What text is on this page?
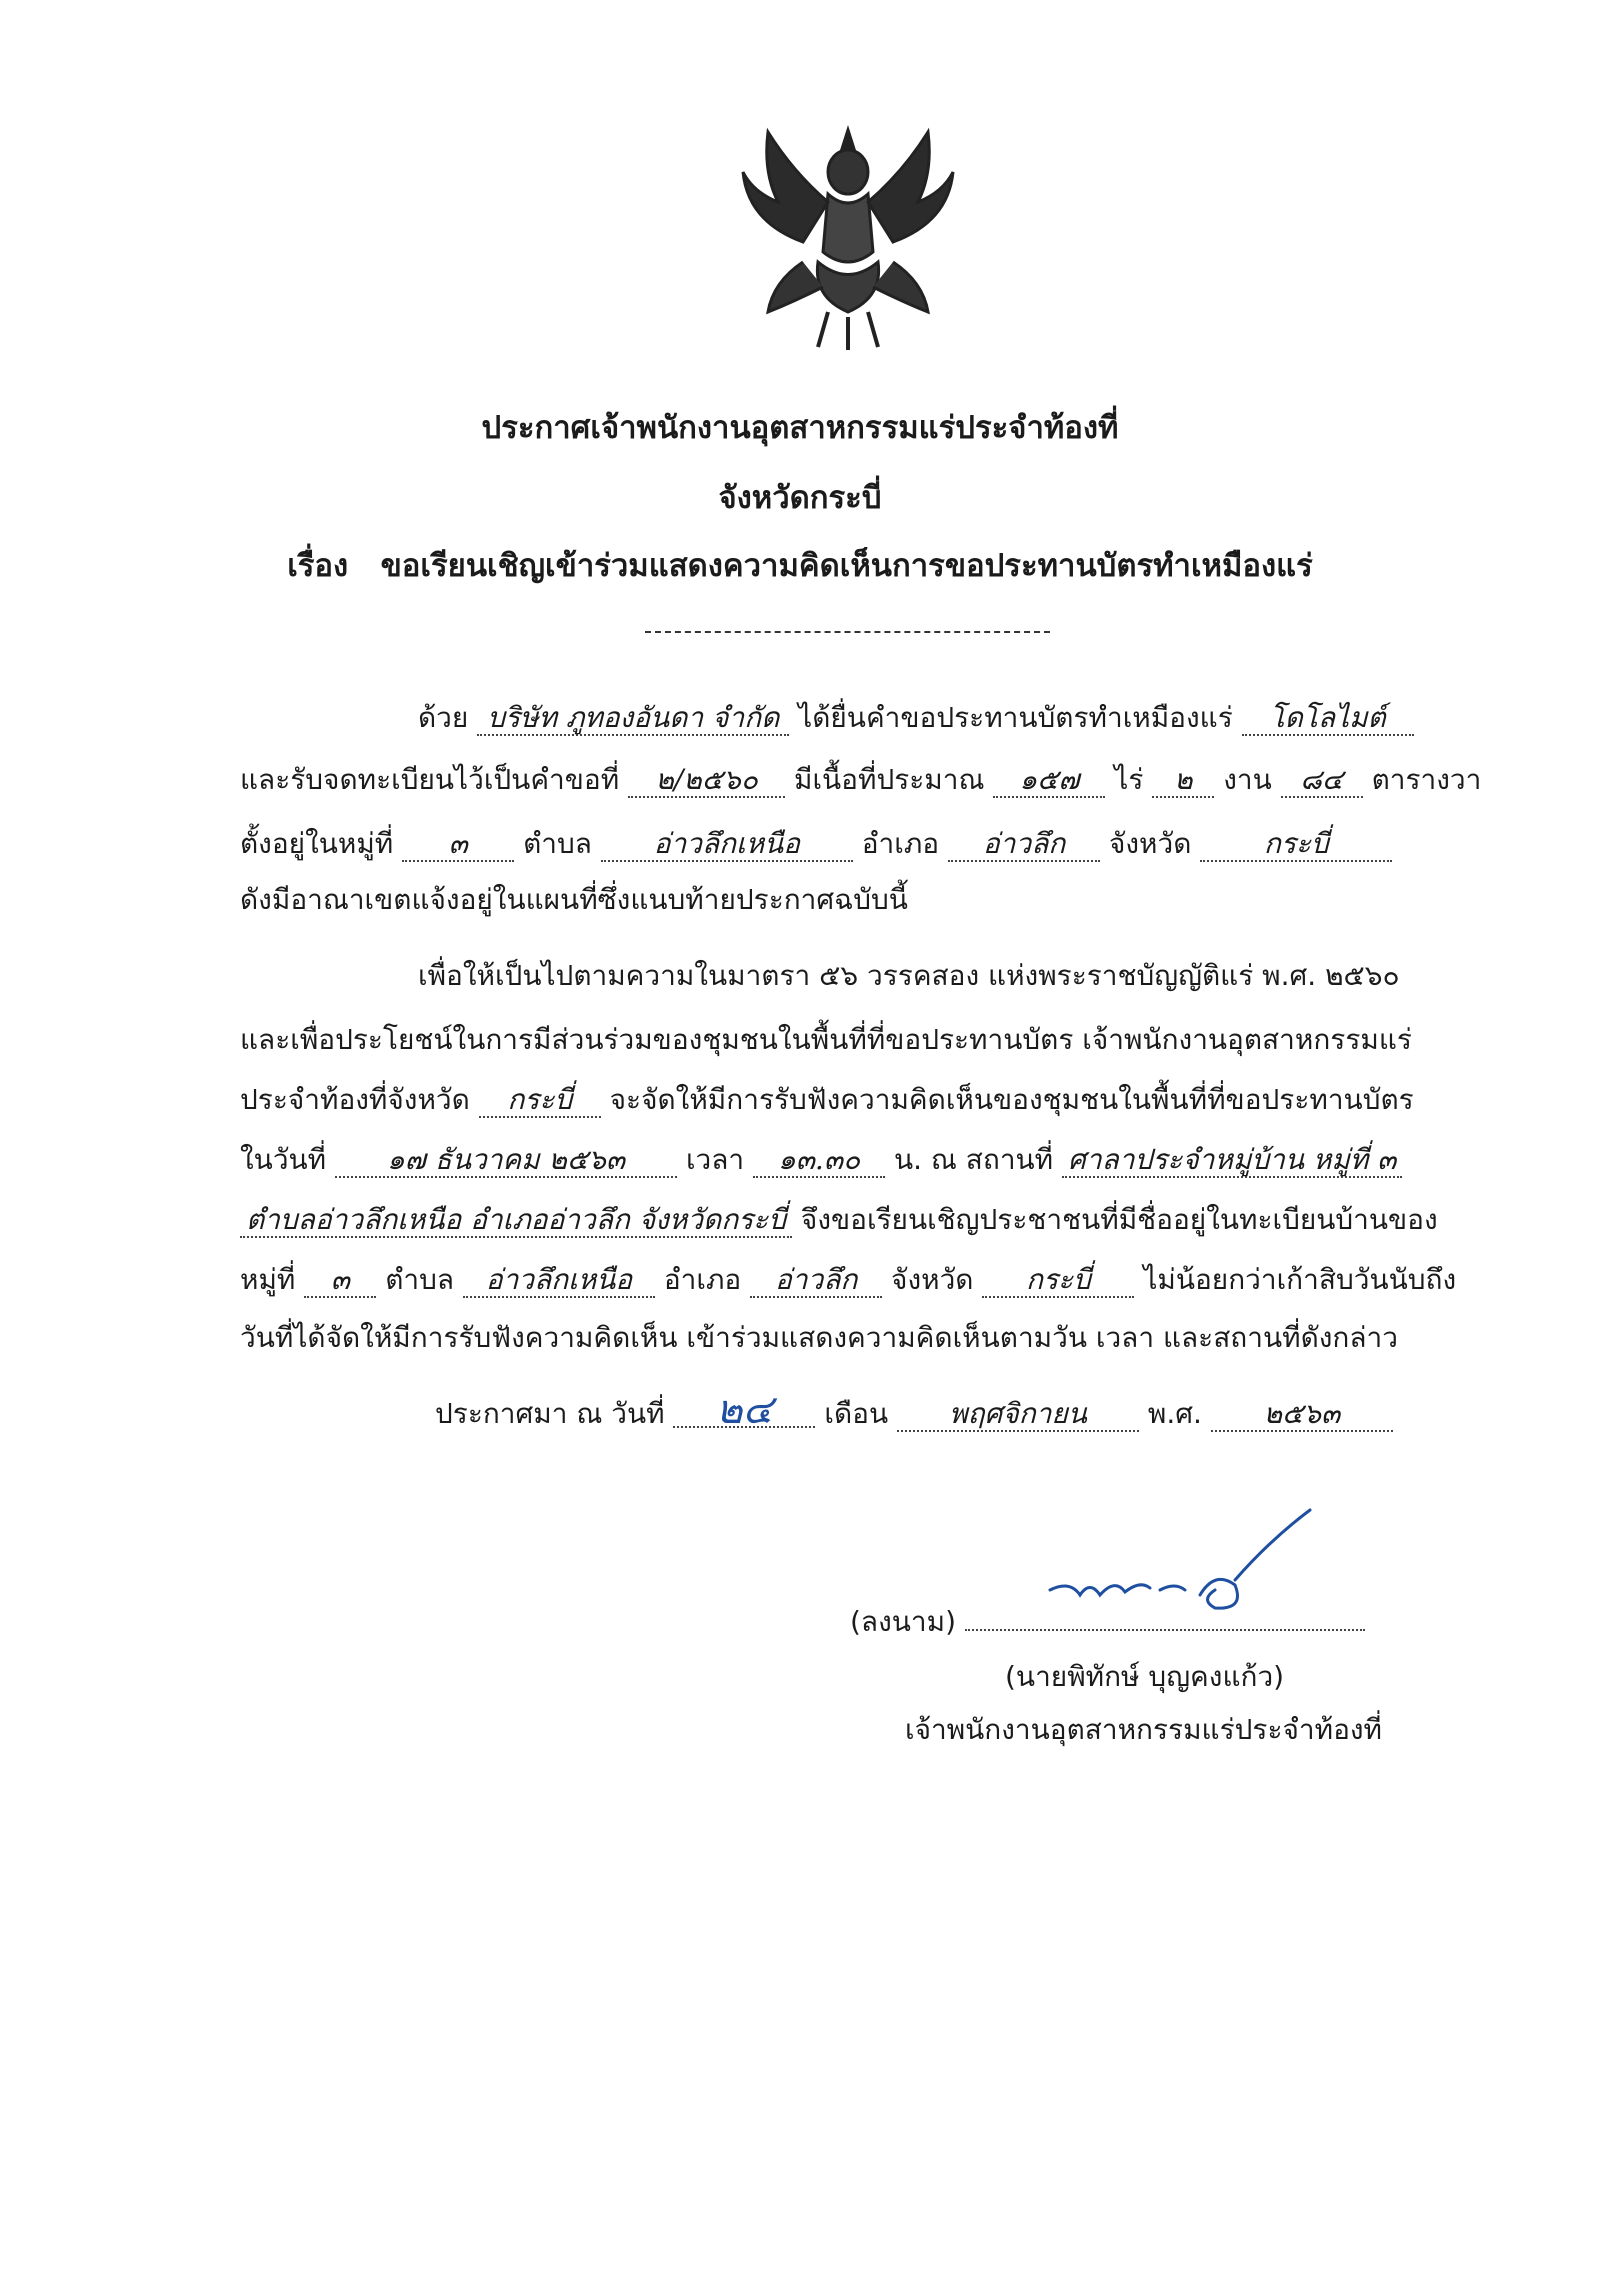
ประกาศเจ้าพนักงานอุตสาหกรรมแร่ประจำท้องที่
จังหวัดกระบี่
เรื่อง ขอเรียนเชิญเข้าร่วมแสดงความคิดเห็นการขอประทานบัตรทำเหมืองแร่
ด้วย บริษัท ภูทองอันดา จำกัด ได้ยื่นคำขอประทานบัตรทำเหมืองแร่ โดโลไมต์
และรับจดทะเบียนไว้เป็นคำขอที่ ๒/๒๕๖๐ มีเนื้อที่ประมาณ ๑๕๗ ไร่ ๒ งาน ๘๔ ตารางวา
ตั้งอยู่ในหมู่ที่ ๓ ตำบล อ่าวลึกเหนือ อำเภอ อ่าวลึก จังหวัด	กระบี่
ดังมีอาณาเขตแจ้งอยู่ในแผนที่ซึ่งแนบท้ายประกาศฉบับนี้
เพื่อให้เป็นไปตามความในมาตรา ๕๖ วรรคสอง แห่งพระราชบัญญัติแร่ พ.ศ. ๒๕๖๐
และเพื่อประโยชน์ในการมีส่วนร่วมของชุมชนในพื้นที่ที่ขอประทานบัตร เจ้าพนักงานอุตสาหกรรมแร่
ประจำท้องที่จังหวัด กระบี่ จะจัดให้มีการรับฟังความคิดเห็นของชุมชนในพื้นที่ที่ขอประทานบัตร
ในวันที่ ๑๗ ธันวาคม ๒๕๖๓ เวลา ๑๓.๓๐ น. ณ สถานที่ ศาลาประจำหมู่บ้าน หมู่ที่ ๓
ตำบลอ่าวลึกเหนือ อำเภออ่าวลึก จังหวัดกระบี่ จึงขอเรียนเชิญประชาชนที่มีชื่ออยู่ในทะเบียนบ้านของ
หมู่ที่ ๓ ตำบล อ่าวลึกเหนือ อำเภอ อ่าวลึก จังหวัด กระบี่ ไม่น้อยกว่าเก้าสิบวันนับถึง
วันที่ได้จัดให้มีการรับฟังความคิดเห็น เข้าร่วมแสดงความคิดเห็นตามวัน เวลา และสถานที่ดังกล่าว
ประกาศมา ณ วันที่ ๒๔ เดือน พฤศจิกายน พ.ศ. ๒๕๖๓
(ลงนาม)
(นายพิทักษ์ บุญคงแก้ว)
เจ้าพนักงานอุตสาหกรรมแร่ประจำท้องที่
